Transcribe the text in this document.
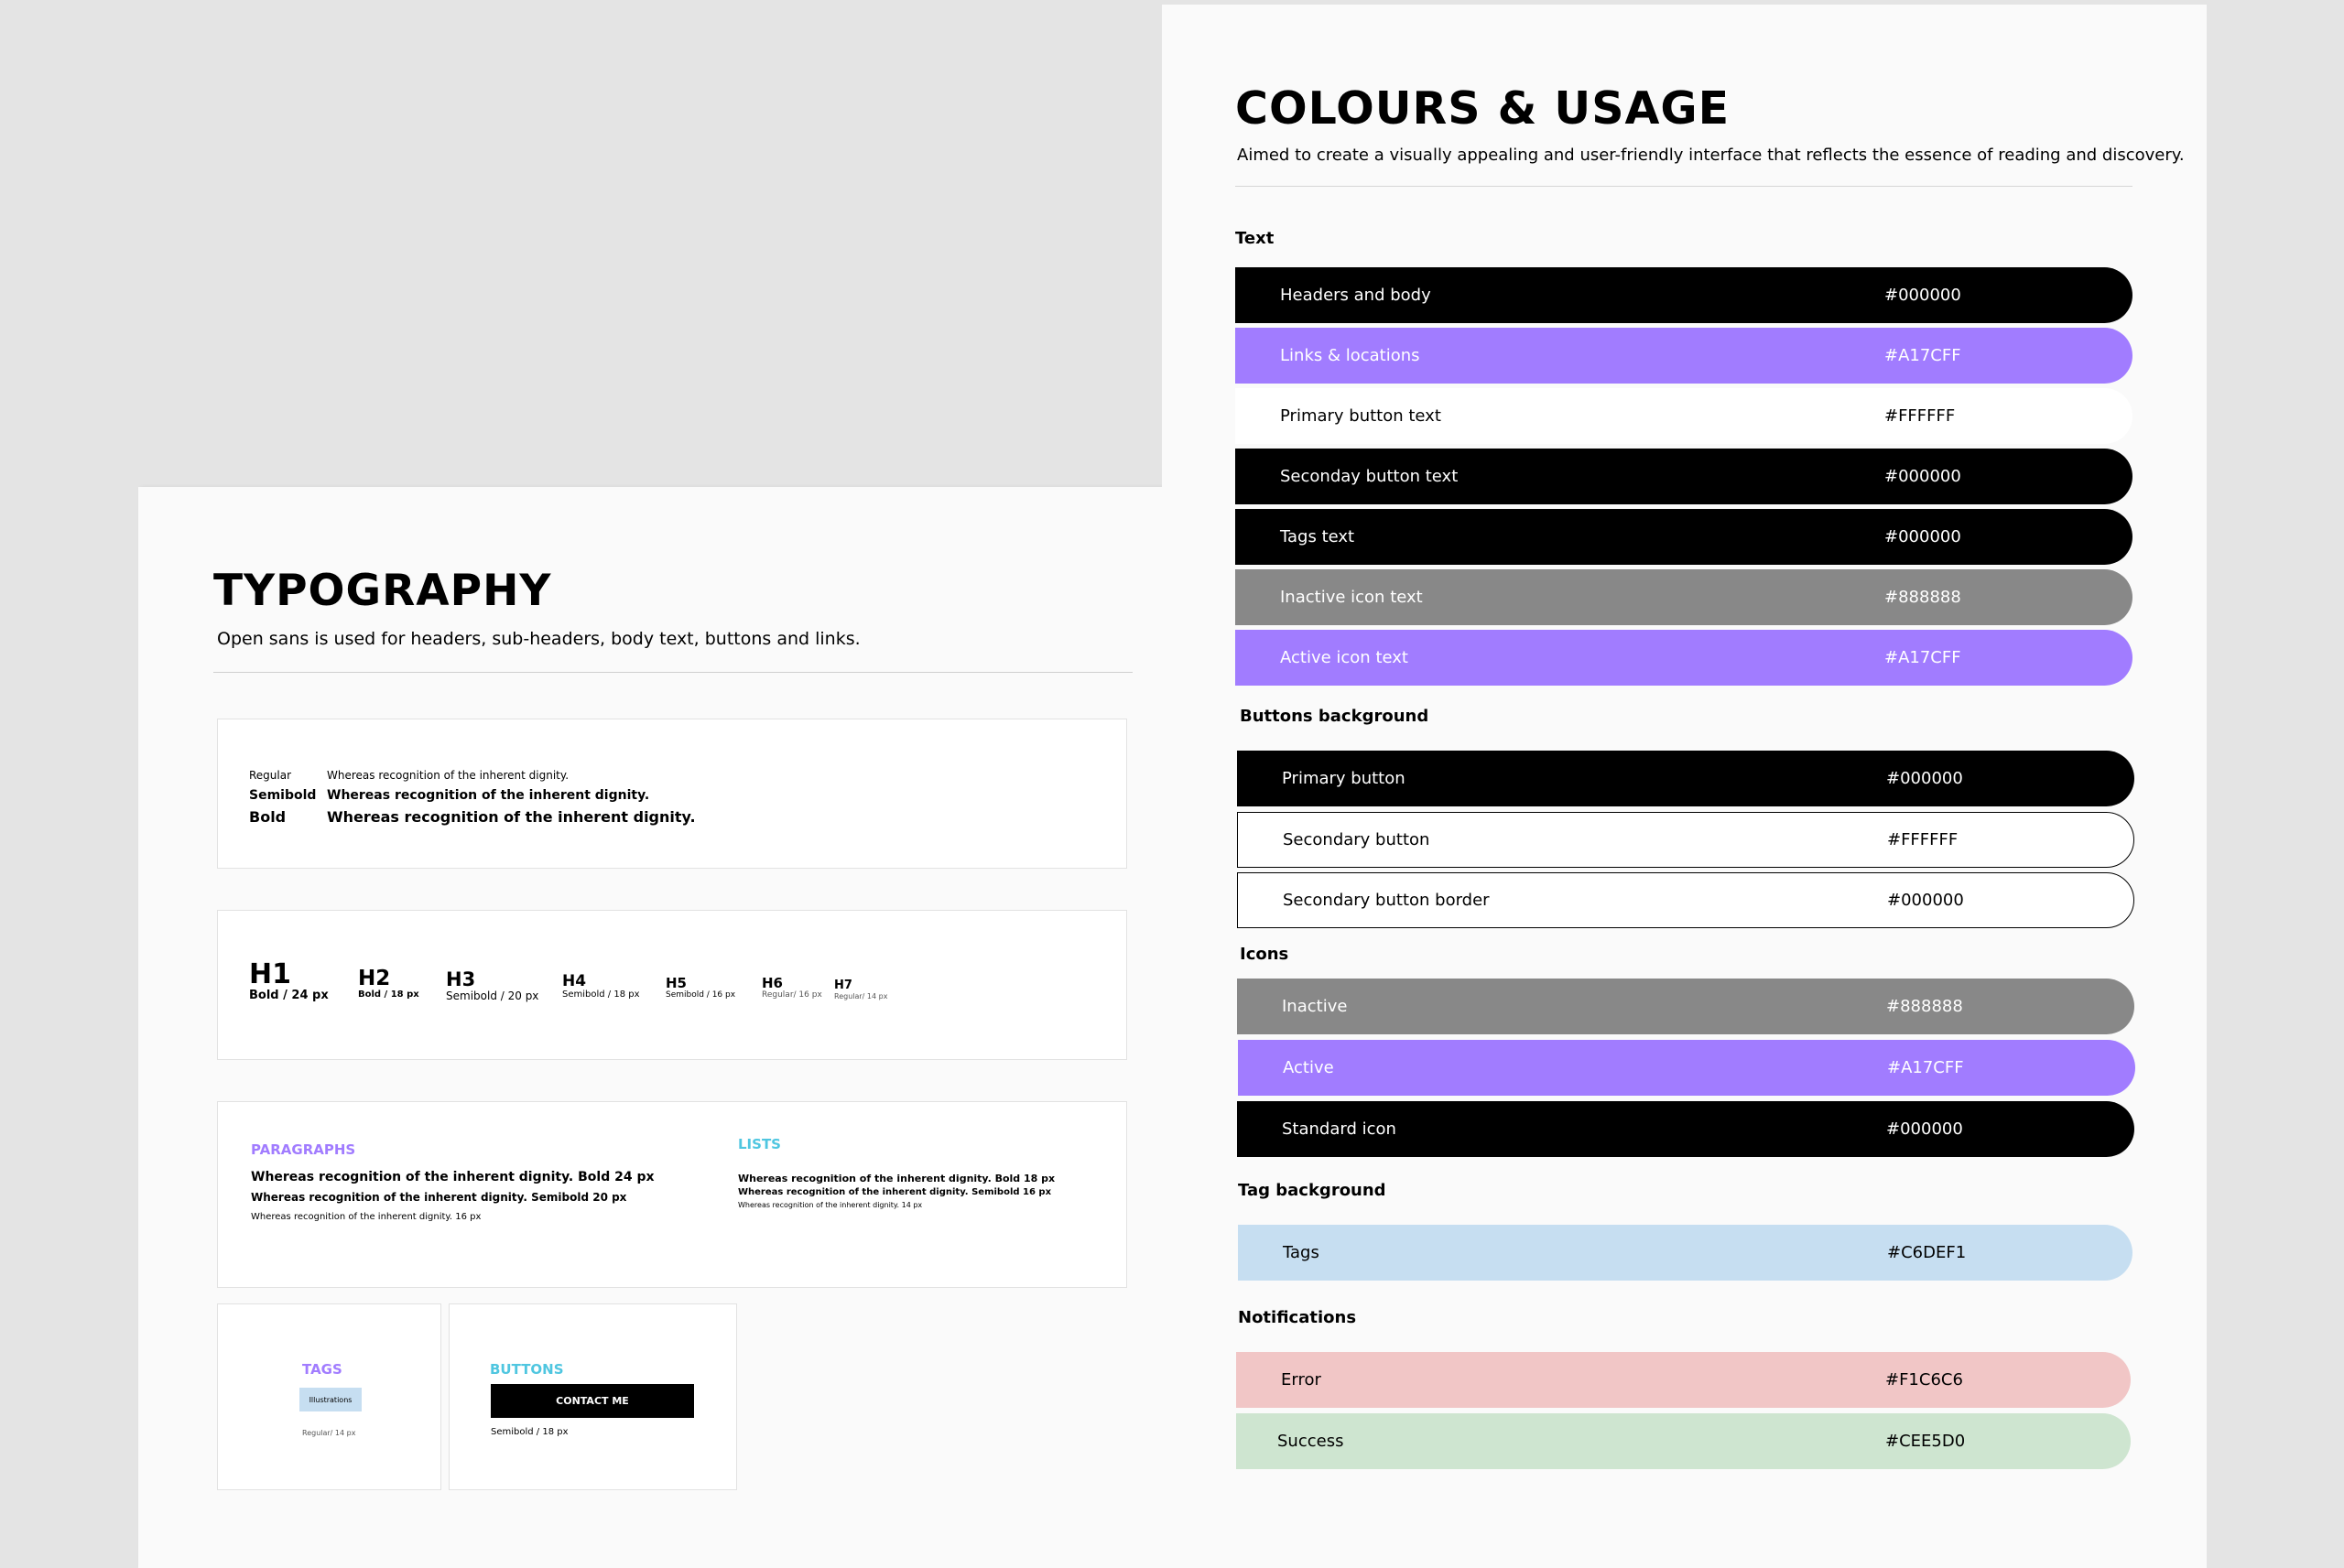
TYPOGRAPHY
Open sans is used for headers, sub-headers, body text, buttons and links.
Regular	Whereas recognition of the inherent dignity.
Semibold Whereas recognition of the inherent dignity.
Bold	Whereas recognition of the inherent dignity.
H1
Bold / 24 px
H2
Bold / 18 px
H3
Semibold / 20 px
H4
Semibold / 18 px
H5
Semibold / 16 px
H6
Regular/ 16 px
H7
Regular/ 14 px
PARAGRAPHS
Whereas recognition of the inherent dignity. Bold 24 px
Whereas recognition of the inherent dignity. Semibold 20 px
Whereas recognition of the inherent dignity. 16 px
LISTS
Whereas recognition of the inherent dignity. Bold 18 px
Whereas recognition of the inherent dignity. Semibold 16 px
Whereas recognition of the inherent dignity. 14 px
TAGS
Illustrations
Regular/ 14 px
BUTTONS
CONTACT ME
Semibold / 18 px
COLOURS & USAGE
Aimed to create a visually appealing and user-friendly interface that reflects the essence of reading and discovery.
Text
Headers and body	#000000
Links & locations	#A17CFF
Primary button text	#FFFFFF
Seconday button text	#000000
Tags text	#000000
Inactive icon text	#888888
Active icon text	#A17CFF
Buttons background
Primary button	#000000
Secondary button	#FFFFFF
Secondary button border	#000000
Icons
Inactive	#888888
Active	#A17CFF
Standard icon	#000000
Tag background
Tags	#C6DEF1
Notifications
Error	#F1C6C6
Success	#CEE5D0
